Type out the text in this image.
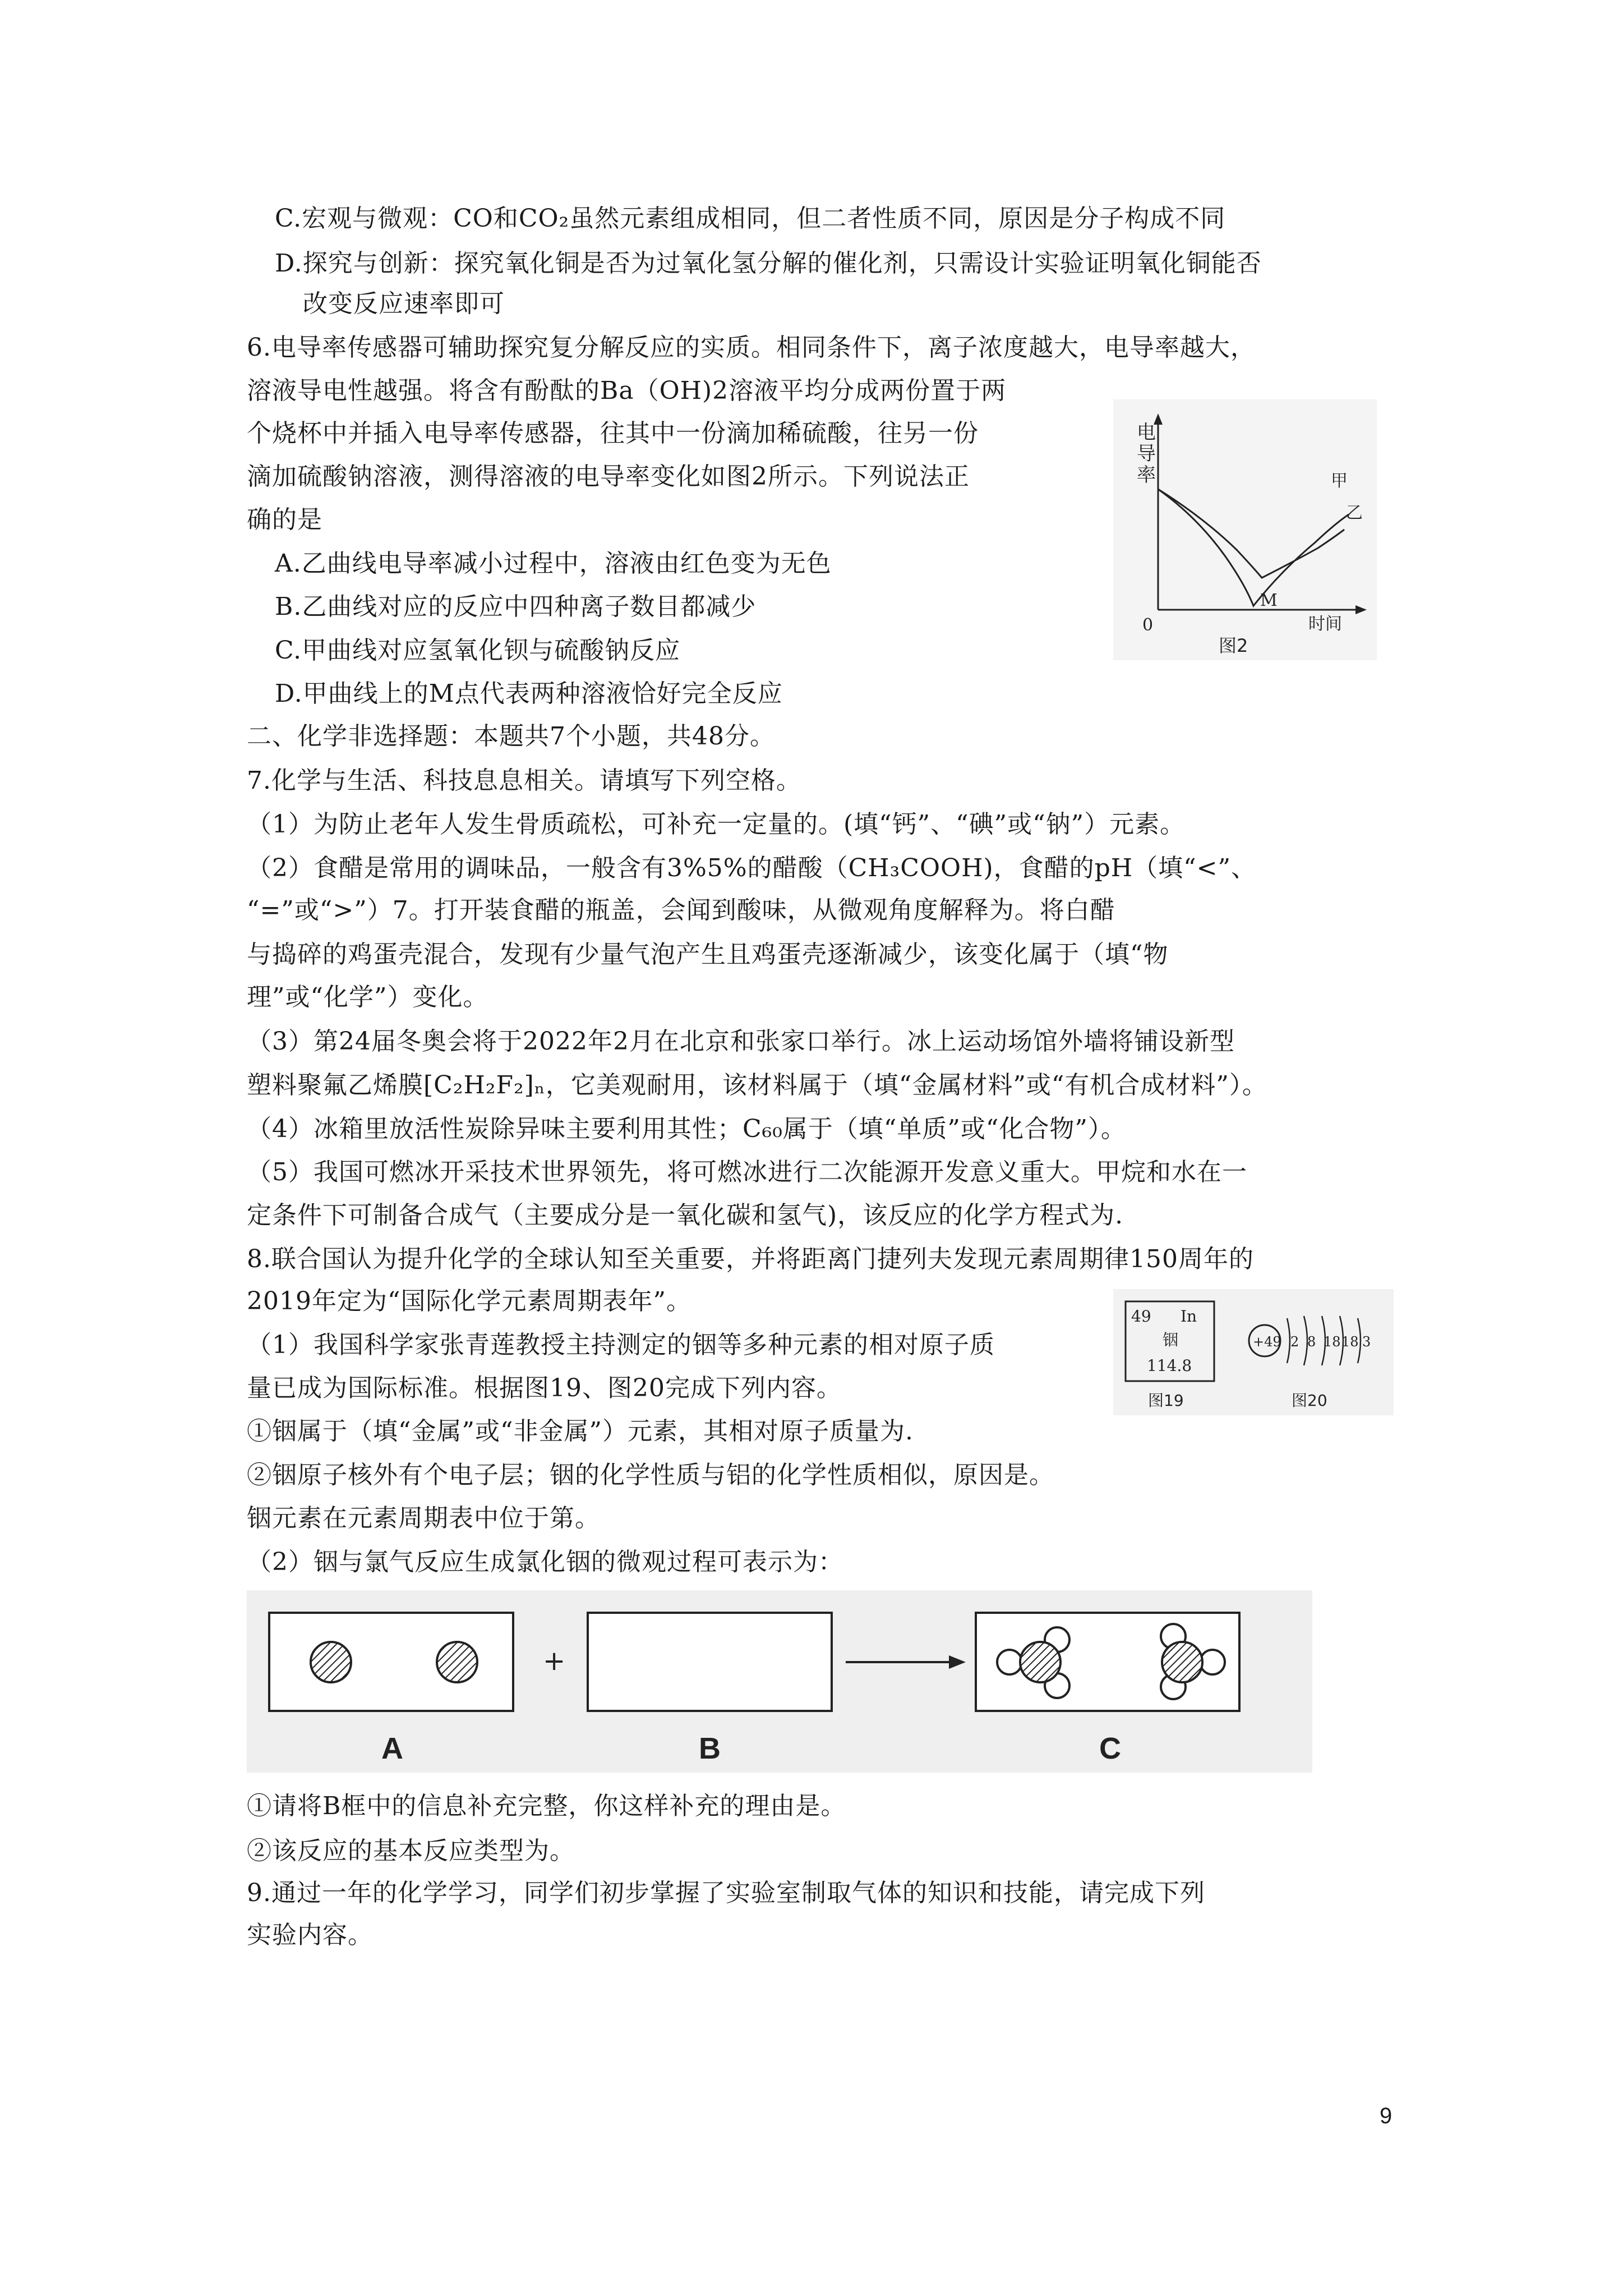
C.宏观与微观：CO和CO₂虽然元素组成相同，但二者性质不同，原因是分子构成不同
D.探究与创新：探究氧化铜是否为过氧化氢分解的催化剂，只需设计实验证明氧化铜能否
改变反应速率即可
6.电导率传感器可辅助探究复分解反应的实质。相同条件下，离子浓度越大，电导率越大，
溶液导电性越强。将含有酚酞的Ba（OH)2溶液平均分成两份置于两
个烧杯中并插入电导率传感器，往其中一份滴加稀硫酸，往另一份
滴加硫酸钠溶液，测得溶液的电导率变化如图2所示。下列说法正
确的是
A.乙曲线电导率减小过程中，溶液由红色变为无色
B.乙曲线对应的反应中四种离子数目都减少
C.甲曲线对应氢氧化钡与硫酸钠反应
D.甲曲线上的M点代表两种溶液恰好完全反应
二、化学非选择题：本题共7个小题，共48分。
7.化学与生活、科技息息相关。请填写下列空格。
（1）为防止老年人发生骨质疏松，可补充一定量的。(填“钙”、“碘”或“钠”）元素。
（2）食醋是常用的调味品，一般含有3%5%的醋酸（CH₃COOH)，食醋的pH（填“<”、
“=”或“>”）7。打开装食醋的瓶盖，会闻到酸味，从微观角度解释为。将白醋
与捣碎的鸡蛋壳混合，发现有少量气泡产生且鸡蛋壳逐渐减少，该变化属于（填“物
理”或“化学”）变化。
（3）第24届冬奥会将于2022年2月在北京和张家口举行。冰上运动场馆外墙将铺设新型
塑料聚氟乙烯膜[C₂H₂F₂]ₙ，它美观耐用，该材料属于（填“金属材料”或“有机合成材料”）。
（4）冰箱里放活性炭除异味主要利用其性；C₆₀属于（填“单质”或“化合物”）。
（5）我国可燃冰开采技术世界领先，将可燃冰进行二次能源开发意义重大。甲烷和水在一
定条件下可制备合成气（主要成分是一氧化碳和氢气)，该反应的化学方程式为.
8.联合国认为提升化学的全球认知至关重要，并将距离门捷列夫发现元素周期律150周年的
2019年定为“国际化学元素周期表年”。
（1）我国科学家张青莲教授主持测定的铟等多种元素的相对原子质
量已成为国际标准。根据图19、图20完成下列内容。
①铟属于（填“金属”或“非金属”）元素，其相对原子质量为.
②铟原子核外有个电子层；铟的化学性质与铝的化学性质相似，原因是。
铟元素在元素周期表中位于第。
（2）铟与氯气反应生成氯化铟的微观过程可表示为：
①请将B框中的信息补充完整，你这样补充的理由是。
②该反应的基本反应类型为。
9.通过一年的化学学习，同学们初步掌握了实验室制取气体的知识和技能，请完成下列
实验内容。
电
导
率	甲
乙
M
0	时间
图2
49 In
铟
114.8
图19
+49 2 8 18 18 3
图20
A
+
B	C
9
